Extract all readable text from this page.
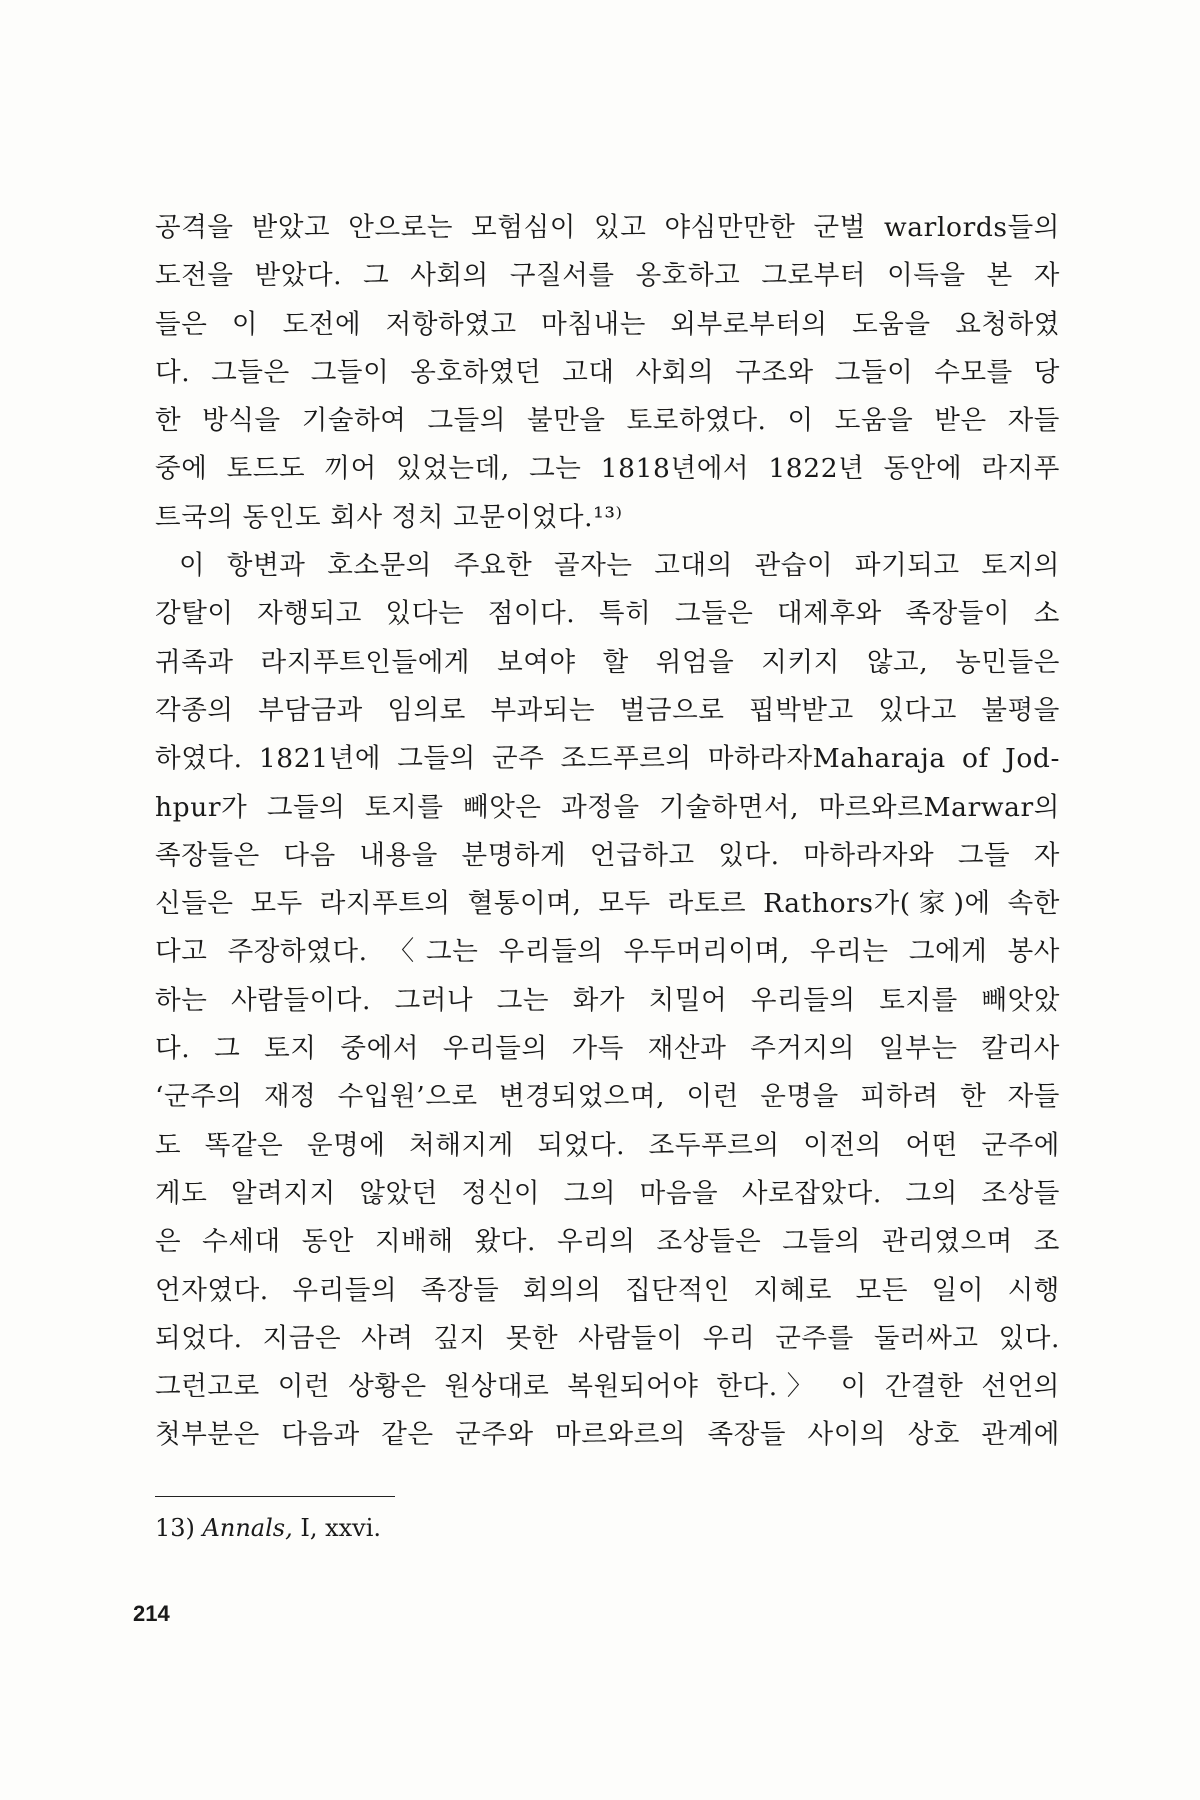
공격을 받았고 안으로는 모험심이 있고 야심만만한 군벌 warlords들의
도전을 받았다. 그 사회의 구질서를 옹호하고 그로부터 이득을 본 자
들은 이 도전에 저항하였고 마침내는 외부로부터의 도움을 요청하였
다. 그들은 그들이 옹호하였던 고대 사회의 구조와 그들이 수모를 당
한 방식을 기술하여 그들의 불만을 토로하였다. 이 도움을 받은 자들
중에 토드도 끼어 있었는데, 그는 1818년에서 1822년 동안에 라지푸
트국의 동인도 회사 정치 고문이었다.¹³⁾
이 항변과 호소문의 주요한 골자는 고대의 관습이 파기되고 토지의
강탈이 자행되고 있다는 점이다. 특히 그들은 대제후와 족장들이 소
귀족과 라지푸트인들에게 보여야 할 위엄을 지키지 않고, 농민들은
각종의 부담금과 임의로 부과되는 벌금으로 핍박받고 있다고 불평을
하였다. 1821년에 그들의 군주 조드푸르의 마하라자Maharaja of Jod-
hpur가 그들의 토지를 빼앗은 과정을 기술하면서, 마르와르Marwar의
족장들은 다음 내용을 분명하게 언급하고 있다. 마하라자와 그들 자
신들은 모두 라지푸트의 혈통이며, 모두 라토르 Rathors가(家)에 속한
다고 주장하였다. 〈그는 우리들의 우두머리이며, 우리는 그에게 봉사
하는 사람들이다. 그러나 그는 화가 치밀어 우리들의 토지를 빼앗았
다. 그 토지 중에서 우리들의 가득 재산과 주거지의 일부는 칼리사
‘군주의 재정 수입원’으로 변경되었으며, 이런 운명을 피하려 한 자들
도 똑같은 운명에 처해지게 되었다. 조두푸르의 이전의 어떤 군주에
게도 알려지지 않았던 정신이 그의 마음을 사로잡았다. 그의 조상들
은 수세대 동안 지배해 왔다. 우리의 조상들은 그들의 관리였으며 조
언자였다. 우리들의 족장들 회의의 집단적인 지혜로 모든 일이 시행
되었다. 지금은 사려 깊지 못한 사람들이 우리 군주를 둘러싸고 있다.
그런고로 이런 상황은 원상대로 복원되어야 한다.〉 이 간결한 선언의
첫부분은 다음과 같은 군주와 마르와르의 족장들 사이의 상호 관계에
13) Annals, I, xxvi.
214
